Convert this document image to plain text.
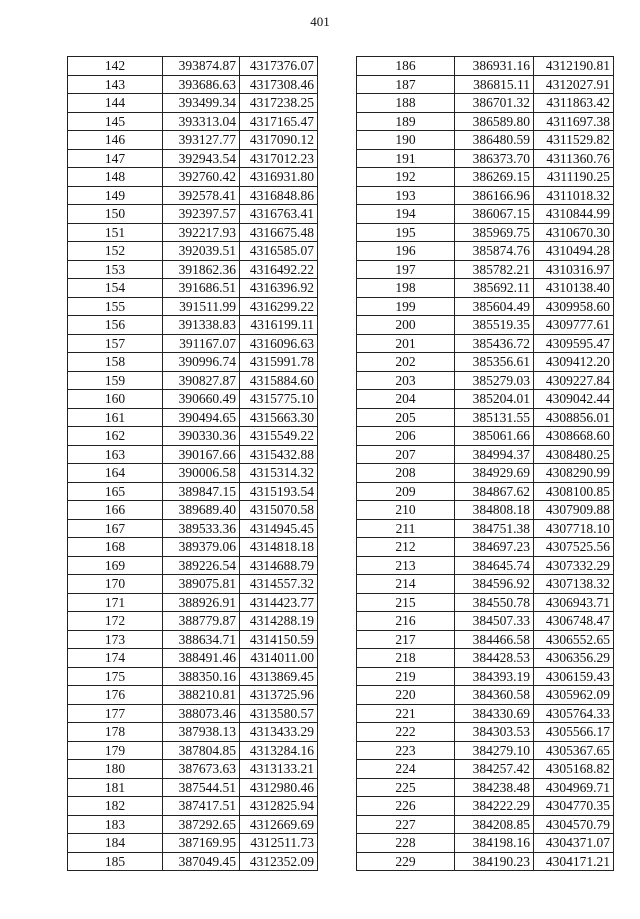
401
142	393874.87	4317376.07
143	393686.63	4317308.46
144	393499.34	4317238.25
145	393313.04	4317165.47
146	393127.77	4317090.12
147	392943.54	4317012.23
148	392760.42	4316931.80
149	392578.41	4316848.86
150	392397.57	4316763.41
151	392217.93	4316675.48
152	392039.51	4316585.07
153	391862.36	4316492.22
154	391686.51	4316396.92
155	391511.99	4316299.22
156	391338.83	4316199.11
157	391167.07	4316096.63
158	390996.74	4315991.78
159	390827.87	4315884.60
160	390660.49	4315775.10
161	390494.65	4315663.30
162	390330.36	4315549.22
163	390167.66	4315432.88
164	390006.58	4315314.32
165	389847.15	4315193.54
166	389689.40	4315070.58
167	389533.36	4314945.45
168	389379.06	4314818.18
169	389226.54	4314688.79
170	389075.81	4314557.32
171	388926.91	4314423.77
172	388779.87	4314288.19
173	388634.71	4314150.59
174	388491.46	4314011.00
175	388350.16	4313869.45
176	388210.81	4313725.96
177	388073.46	4313580.57
178	387938.13	4313433.29
179	387804.85	4313284.16
180	387673.63	4313133.21
181	387544.51	4312980.46
182	387417.51	4312825.94
183	387292.65	4312669.69
184	387169.95	4312511.73
185	387049.45	4312352.09
186	386931.16	4312190.81
187	386815.11	4312027.91
188	386701.32	4311863.42
189	386589.80	4311697.38
190	386480.59	4311529.82
191	386373.70	4311360.76
192	386269.15	4311190.25
193	386166.96	4311018.32
194	386067.15	4310844.99
195	385969.75	4310670.30
196	385874.76	4310494.28
197	385782.21	4310316.97
198	385692.11	4310138.40
199	385604.49	4309958.60
200	385519.35	4309777.61
201	385436.72	4309595.47
202	385356.61	4309412.20
203	385279.03	4309227.84
204	385204.01	4309042.44
205	385131.55	4308856.01
206	385061.66	4308668.60
207	384994.37	4308480.25
208	384929.69	4308290.99
209	384867.62	4308100.85
210	384808.18	4307909.88
211	384751.38	4307718.10
212	384697.23	4307525.56
213	384645.74	4307332.29
214	384596.92	4307138.32
215	384550.78	4306943.71
216	384507.33	4306748.47
217	384466.58	4306552.65
218	384428.53	4306356.29
219	384393.19	4306159.43
220	384360.58	4305962.09
221	384330.69	4305764.33
222	384303.53	4305566.17
223	384279.10	4305367.65
224	384257.42	4305168.82
225	384238.48	4304969.71
226	384222.29	4304770.35
227	384208.85	4304570.79
228	384198.16	4304371.07
229	384190.23	4304171.21
